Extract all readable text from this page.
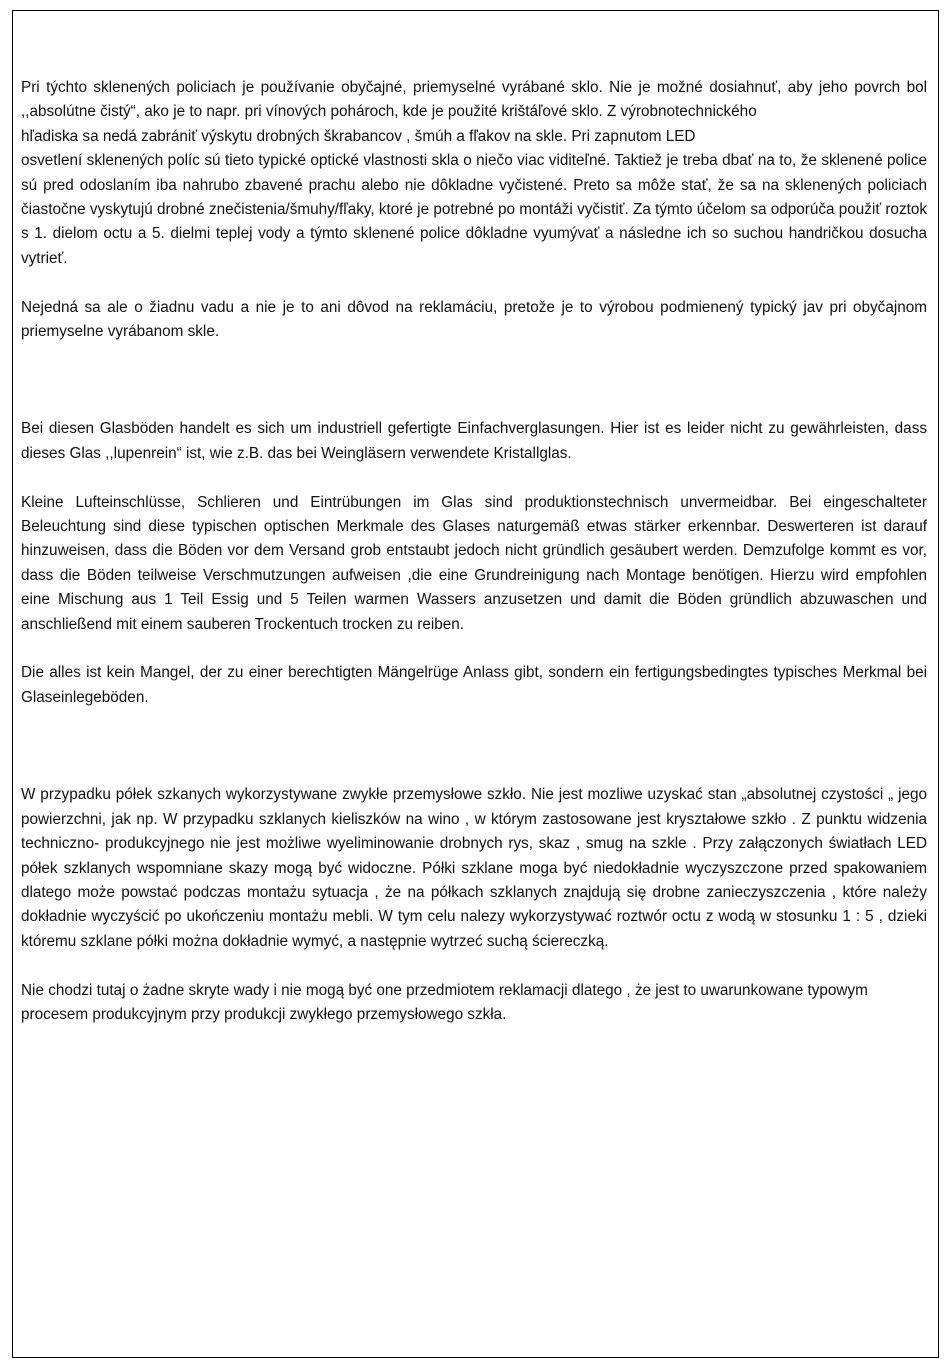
Pri týchto sklenených policiach je používanie obyčajné, priemyselné vyrábané sklo. Nie je možné dosiahnuť, aby jeho povrch bol ,,absolútne čistý“, ako je to napr. pri vínových pohároch, kde je použité krištáľové sklo. Z výrobnotechnického

hľadiska sa nedá zabrániť výskytu drobných škrabancov , šmúh a fľakov na skle. Pri zapnutom LED

osvetlení sklenených políc sú tieto typické optické vlastnosti skla o niečo viac viditeľné. Taktiež je treba dbať na to, že sklenené police sú pred odoslaním iba nahrubo zbavené prachu alebo nie dôkladne vyčistené. Preto sa môže stať, že sa na sklenených policiach čiastočne vyskytujú drobné znečistenia/šmuhy/fľaky, ktoré je potrebné po montáži vyčistiť. Za týmto účelom sa odporúča použiť roztok s 1. dielom octu a 5. dielmi teplej vody a týmto sklenené police dôkladne vyumývať a následne ich so suchou handričkou dosucha vytrieť.

Nejedná sa ale o žiadnu vadu a nie je to ani dôvod na reklamáciu, pretože je to výrobou podmienený typický jav pri obyčajnom priemyselne vyrábanom skle.

Bei diesen Glasböden handelt es sich um industriell gefertigte Einfachverglasungen. Hier ist es leider nicht zu gewährleisten, dass dieses Glas ,,lupenrein“ ist, wie z.B. das bei Weingläsern verwendete Kristallglas.

Kleine Lufteinschlüsse, Schlieren und Eintrübungen im Glas sind produktionstechnisch unvermeidbar. Bei eingeschalteter Beleuchtung sind diese typischen optischen Merkmale des Glases naturgemäß etwas stärker erkennbar. Deswerteren ist darauf hinzuweisen, dass die Böden vor dem Versand grob entstaubt jedoch nicht gründlich gesäubert werden. Demzufolge kommt es vor, dass die Böden teilweise Verschmutzungen aufweisen ,die eine Grundreinigung nach Montage benötigen. Hierzu wird empfohlen eine Mischung aus 1 Teil Essig und 5 Teilen warmen Wassers anzusetzen und damit die Böden gründlich abzuwaschen und anschließend mit einem sauberen Trockentuch trocken zu reiben.

Die alles ist kein Mangel, der zu einer berechtigten Mängelrüge Anlass gibt, sondern ein fertigungsbedingtes typisches Merkmal bei Glaseinlegeböden.

W przypadku półek szkanych wykorzystywane zwykłe przemysłowe szkło. Nie jest mozliwe uzyskać stan „absolutnej czystości „ jego powierzchni, jak np. W przypadku szklanych kieliszków na wino , w którym zastosowane jest kryształowe szkło . Z punktu widzenia techniczno- produkcyjnego nie jest możliwe wyeliminowanie drobnych rys, skaz , smug na szkle . Przy załączonych światłach LED półek szklanych wspomniane skazy mogą być widoczne. Półki szklane moga być niedokładnie wyczyszczone przed spakowaniem dlatego może powstać podczas montażu sytuacja , że na półkach szklanych znajdują się drobne zanieczyszczenia , które należy dokładnie wyczyścić po ukończeniu montażu mebli. W tym celu nalezy wykorzystywać roztwór octu z wodą w stosunku 1 : 5 , dzieki któremu szklane półki można dokładnie wymyć, a następnie wytrzeć suchą ściereczką.

Nie chodzi tutaj o żadne skryte wady i nie mogą być one przedmiotem reklamacji dlatego , że jest to uwarunkowane typowym procesem produkcyjnym przy produkcji zwykłego przemysłowego szkła.
